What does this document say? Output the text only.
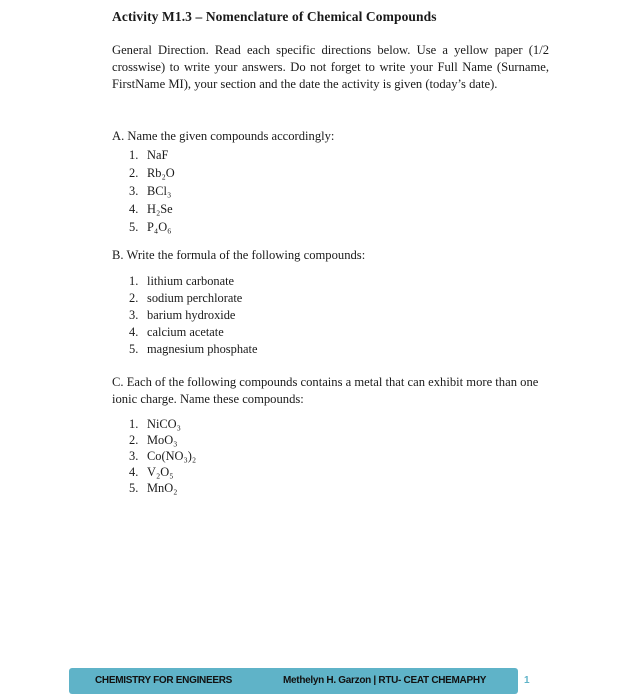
Activity M1.3 – Nomenclature of Chemical Compounds
General Direction. Read each specific directions below. Use a yellow paper (1/2 crosswise) to write your answers. Do not forget to write your Full Name (Surname, FirstName MI), your section and the date the activity is given (today’s date).
A. Name the given compounds accordingly:
1. NaF
2. Rb₂O
3. BCl₃
4. H₂Se
5. P₄O₆
B. Write the formula of the following compounds:
1. lithium carbonate
2. sodium perchlorate
3. barium hydroxide
4. calcium acetate
5. magnesium phosphate
C. Each of the following compounds contains a metal that can exhibit more than one ionic charge. Name these compounds:
1. NiCO₃
2. MoO₃
3. Co(NO₃)₂
4. V₂O₅
5. MnO₂
CHEMISTRY FOR ENGINEERS	Methelyn H. Garzon | RTU- CEAT CHEMAPHY	1
